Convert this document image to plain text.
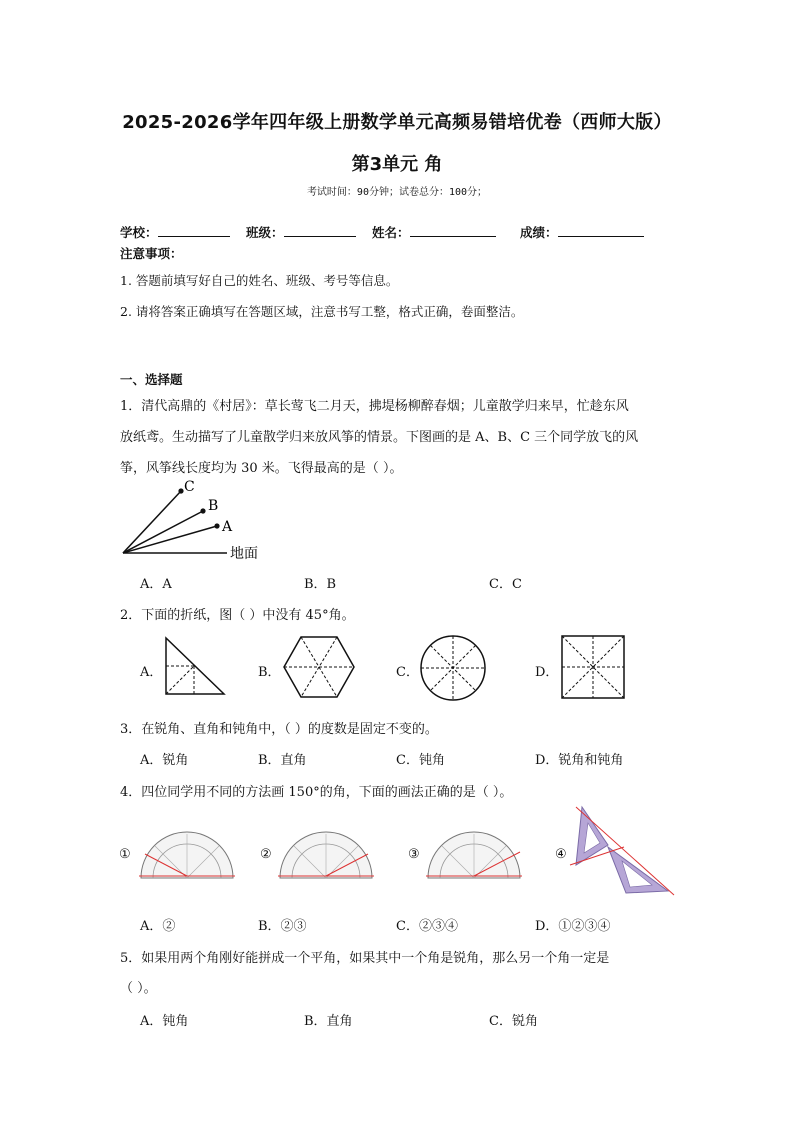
2025-2026学年四年级上册数学单元高频易错培优卷（西师大版）
第3单元 角
考试时间：90分钟；试卷总分：100分；
学校：	班级：	姓名：	成绩：
注意事项：
1. 答题前填写好自己的姓名、班级、考号等信息。
2. 请将答案正确填写在答题区域，注意书写工整，格式正确，卷面整洁。
一、选择题
1．清代高鼎的《村居》：草长莺飞二月天，拂堤杨柳醉春烟；儿童散学归来早，忙趁东风
放纸鸢。生动描写了儿童散学归来放风筝的情景。下图画的是 A、B、C 三个同学放飞的风
筝，风筝线长度均为 30 米。飞得最高的是（ ）。
C
B
A
地面
A．A	B．B	C．C
2．下面的折纸，图（ ）中没有 45°角。
A．	B．	C．	D．
3．在锐角、直角和钝角中，（ ）的度数是固定不变的。
A．锐角	B．直角	C．钝角	D．锐角和钝角
4．四位同学用不同的方法画 150°的角，下面的画法正确的是（ ）。
①	②	③	④
A．②	B．②③	C．②③④	D．①②③④
5．如果用两个角刚好能拼成一个平角，如果其中一个角是锐角，那么另一个角一定是
（ ）。
A．钝角	B．直角	C．锐角
